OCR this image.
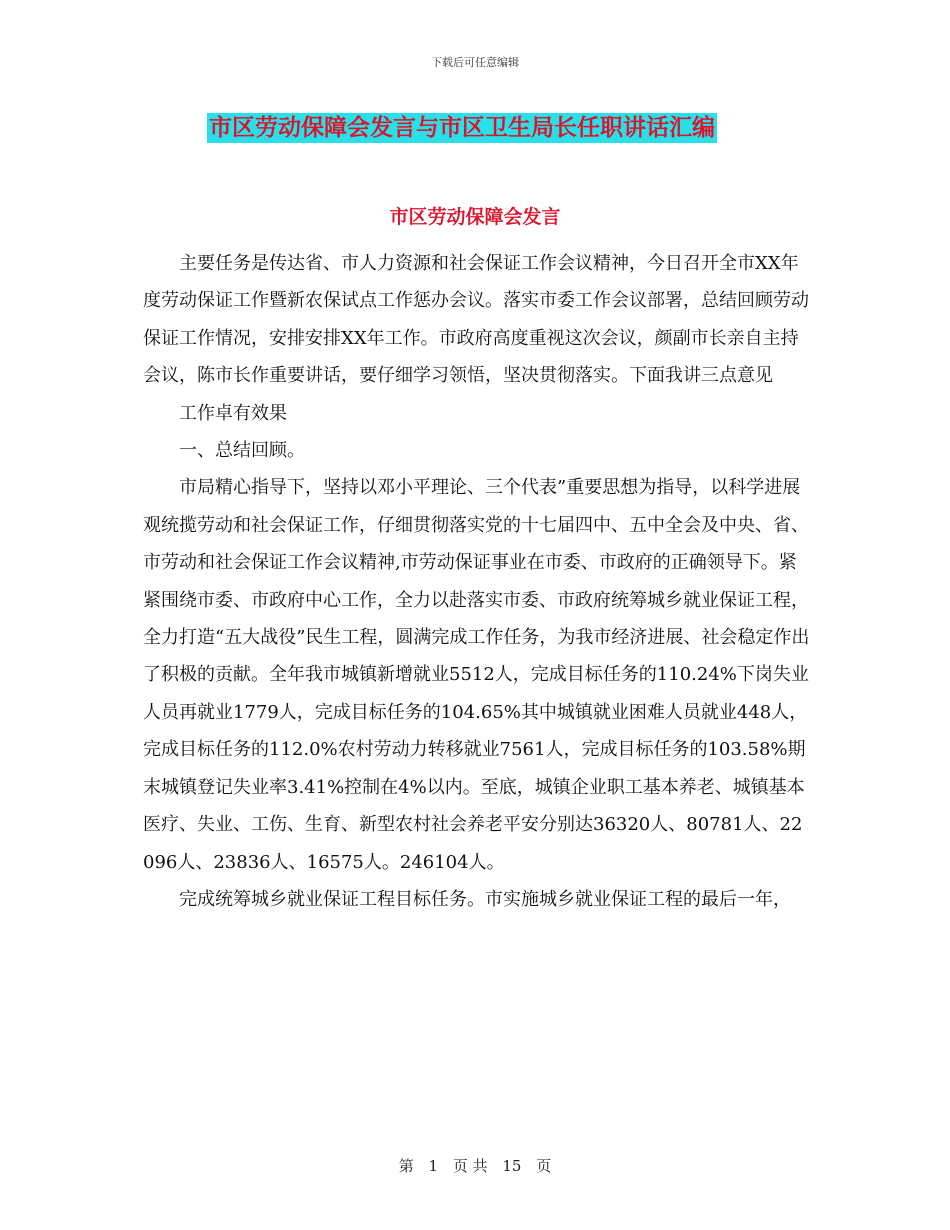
下载后可任意编辑
市区劳动保障会发言与市区卫生局长任职讲话汇编
市区劳动保障会发言

主要任务是传达省、市人力资源和社会保证工作会议精神，今日召开全市XX年度劳动保证工作暨新农保试点工作惩办会议。落实市委工作会议部署，总结回顾劳动保证工作情况，安排安排XX年工作。市政府高度重视这次会议，颜副市长亲自主持会议，陈市长作重要讲话，要仔细学习领悟，坚决贯彻落实。下面我讲三点意见

工作卓有效果

一、总结回顾。

市局精心指导下，坚持以邓小平理论、三个代表”重要思想为指导，以科学进展观统揽劳动和社会保证工作，仔细贯彻落实党的十七届四中、五中全会及中央、省、市劳动和社会保证工作会议精神,市劳动保证事业在市委、市政府的正确领导下。紧紧围绕市委、市政府中心工作，全力以赴落实市委、市政府统筹城乡就业保证工程，全力打造“五大战役”民生工程，圆满完成工作任务，为我市经济进展、社会稳定作出了积极的贡献。全年我市城镇新增就业5512人，完成目标任务的110.24%下岗失业人员再就业1779人，完成目标任务的104.65%其中城镇就业困难人员就业448人，完成目标任务的112.0%农村劳动力转移就业7561人，完成目标任务的103.58%期末城镇登记失业率3.41%控制在4%以内。至底，城镇企业职工基本养老、城镇基本医疗、失业、工伤、生育、新型农村社会养老平安分别达36320人、80781人、22096人、23836人、16575人。246104人。

完成统筹城乡就业保证工程目标任务。市实施城乡就业保证工程的最后一年，

第 1 页 共 15 页
